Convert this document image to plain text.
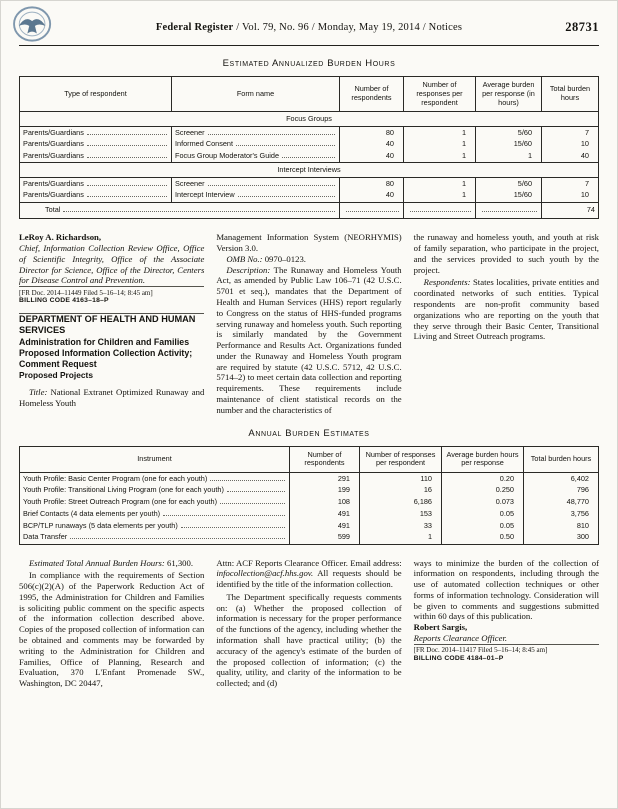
Federal Register / Vol. 79, No. 96 / Monday, May 19, 2014 / Notices	28731
Estimated Annualized Burden Hours
Type of respondent	Form name	Number of respondents	Number of responses per respondent	Average burden per response (in hours)	Total burden hours
Focus Groups					

Parents/Guardians	Screener	80	1	5/60	7

Parents/Guardians	Informed Consent	40	1	15/60	10

Parents/Guardians	Focus Group Moderator's Guide	40	1	1	40
Intercept Interviews					

Parents/Guardians	Screener	80	1	5/60	7

Parents/Guardians	Intercept Interview	40	1	15/60	10

Total					74

LeRoy A. Richardson,

Chief, Information Collection Review Office, Office of Scientific Integrity, Office of the Associate Director for Science, Office of the Director, Centers for Disease Control and Prevention.

[FR Doc. 2014–11449 Filed 5–16–14; 8:45 am]

BILLING CODE 4163–18–P

DEPARTMENT OF HEALTH AND HUMAN SERVICES

Administration for Children and Families

Proposed Information Collection Activity; Comment Request

Proposed Projects

Title: National Extranet Optimized Runaway and Homeless Youth

Management Information System (NEORHYMIS) Version 3.0.

OMB No.: 0970–0123.

Description: The Runaway and Homeless Youth Act, as amended by Public Law 106–71 (42 U.S.C. 5701 et seq.), mandates that the Department of Health and Human Services (HHS) report regularly to Congress on the status of HHS-funded programs serving runaway and homeless youth. Such reporting is similarly mandated by the Government Performance and Results Act. Organizations funded under the Runaway and Homeless Youth program are required by statute (42 U.S.C. 5712, 42 U.S.C. 5714–2) to meet certain data collection and reporting requirements. These requirements include maintenance of client statistical records on the number and the characteristics of

the runaway and homeless youth, and youth at risk of family separation, who participate in the project, and the services provided to such youth by the project.

Respondents: States localities, private entities and coordinated networks of such entities. Typical respondents are non-profit community based organizations who are reporting on the youth that they serve through their Basic Center, Transitional Living and Street Outreach programs.

Annual Burden Estimates
Instrument	Number of respondents	Number of responses per respondent	Average burden hours per response	Total burden hours

Youth Profile: Basic Center Program (one for each youth)	291	110	0.20	6,402

Youth Profile: Transitional Living Program (one for each youth)	199	16	0.250	796

Youth Profile: Street Outreach Program (one for each youth)	108	6,186	0.073	48,770

Brief Contacts (4 data elements per youth)	491	153	0.05	3,756

BCP/TLP runaways (5 data elements per youth)	491	33	0.05	810

Data Transfer	599	1	0.50	300

Estimated Total Annual Burden Hours: 61,300.

In compliance with the requirements of Section 506(c)(2)(A) of the Paperwork Reduction Act of 1995, the Administration for Children and Families is soliciting public comment on the specific aspects of the information collection described above. Copies of the proposed collection of information can be obtained and comments may be forwarded by writing to the Administration for Children and Families, Office of Planning, Research and Evaluation, 370 L'Enfant Promenade SW., Washington, DC 20447,

Attn: ACF Reports Clearance Officer. Email address: infocollection@acf.hhs.gov. All requests should be identified by the title of the information collection.

The Department specifically requests comments on: (a) Whether the proposed collection of information is necessary for the proper performance of the functions of the agency, including whether the information shall have practical utility; (b) the accuracy of the agency's estimate of the burden of the proposed collection of information; (c) the quality, utility, and clarity of the information to be collected; and (d)

ways to minimize the burden of the collection of information on respondents, including through the use of automated collection techniques or other forms of information technology. Consideration will be given to comments and suggestions submitted within 60 days of this publication.

Robert Sargis,

Reports Clearance Officer.

[FR Doc. 2014–11417 Filed 5–16–14; 8:45 am]

BILLING CODE 4184–01–P
